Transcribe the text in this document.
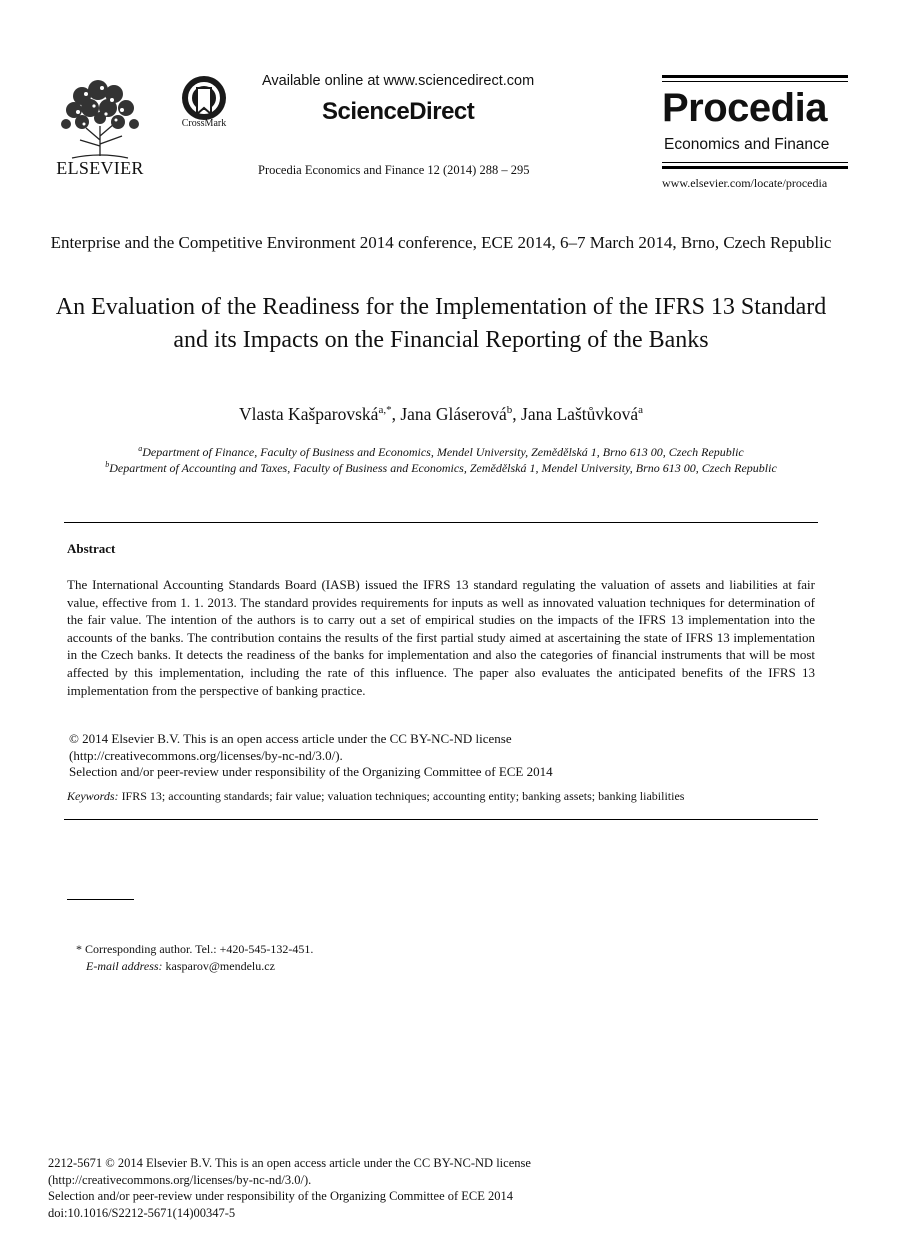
ELSEVIER
CrossMark
Available online at www.sciencedirect.com
ScienceDirect
Procedia Economics and Finance 12 (2014) 288 – 295
Procedia
Economics and Finance
www.elsevier.com/locate/procedia
Enterprise and the Competitive Environment 2014 conference, ECE 2014, 6–7 March 2014, Brno, Czech Republic
An Evaluation of the Readiness for the Implementation of the IFRS 13 Standard and its Impacts on the Financial Reporting of the Banks
Vlasta Kašparovská$^{a,*}$, Jana Gláserová$^b$, Jana Laštůvková$^a$
$^a$Department of Finance, Faculty of Business and Economics, Mendel University, Zemědělská 1, Brno 613 00, Czech Republic
$^b$Department of Accounting and Taxes, Faculty of Business and Economics, Zemědělská 1, Mendel University, Brno 613 00, Czech Republic
Abstract
The International Accounting Standards Board (IASB) issued the IFRS 13 standard regulating the valuation of assets and liabilities at fair value, effective from 1. 1. 2013. The standard provides requirements for inputs as well as innovated valuation techniques for determination of the fair value. The intention of the authors is to carry out a set of empirical studies on the impacts of the IFRS 13 implementation into the accounts of the banks. The contribution contains the results of the first partial study aimed at ascertaining the state of IFRS 13 implementation in the Czech banks. It detects the readiness of the banks for implementation and also the categories of financial instruments that will be most affected by this implementation, including the rate of this influence. The paper also evaluates the anticipated benefits of the IFRS 13 implementation from the perspective of banking practice.
© 2014 Elsevier B.V. This is an open access article under the CC BY-NC-ND license
(http://creativecommons.org/licenses/by-nc-nd/3.0/).
Selection and/or peer-review under responsibility of the Organizing Committee of ECE 2014
Keywords: IFRS 13; accounting standards; fair value; valuation techniques; accounting entity; banking assets; banking liabilities
* Corresponding author. Tel.: +420-545-132-451.
E-mail address: kasparov@mendelu.cz
2212-5671 © 2014 Elsevier B.V. This is an open access article under the CC BY-NC-ND license
(http://creativecommons.org/licenses/by-nc-nd/3.0/).
Selection and/or peer-review under responsibility of the Organizing Committee of ECE 2014
doi:10.1016/S2212-5671(14)00347-5
